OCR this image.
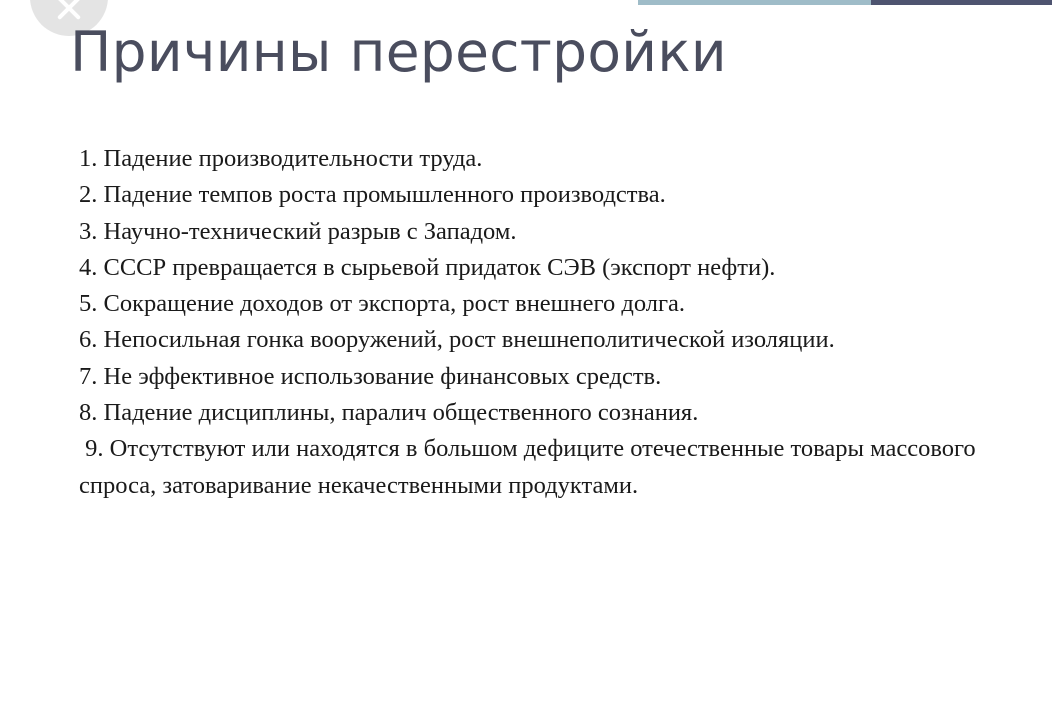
Причины перестройки
1. Падение производительности труда.
2. Падение темпов роста промышленного производства.
3. Научно-технический разрыв с Западом.
4. СССР превращается в сырьевой придаток СЭВ (экспорт нефти).
5. Сокращение доходов от экспорта, рост внешнего долга.
6. Непосильная гонка вооружений, рост внешнеполитической изоляции.
7. Не эффективное использование финансовых средств.
8. Падение дисциплины, паралич общественного сознания.
9. Отсутствуют или находятся в большом дефиците отечественные товары массового спроса, затоваривание некачественными продуктами.
